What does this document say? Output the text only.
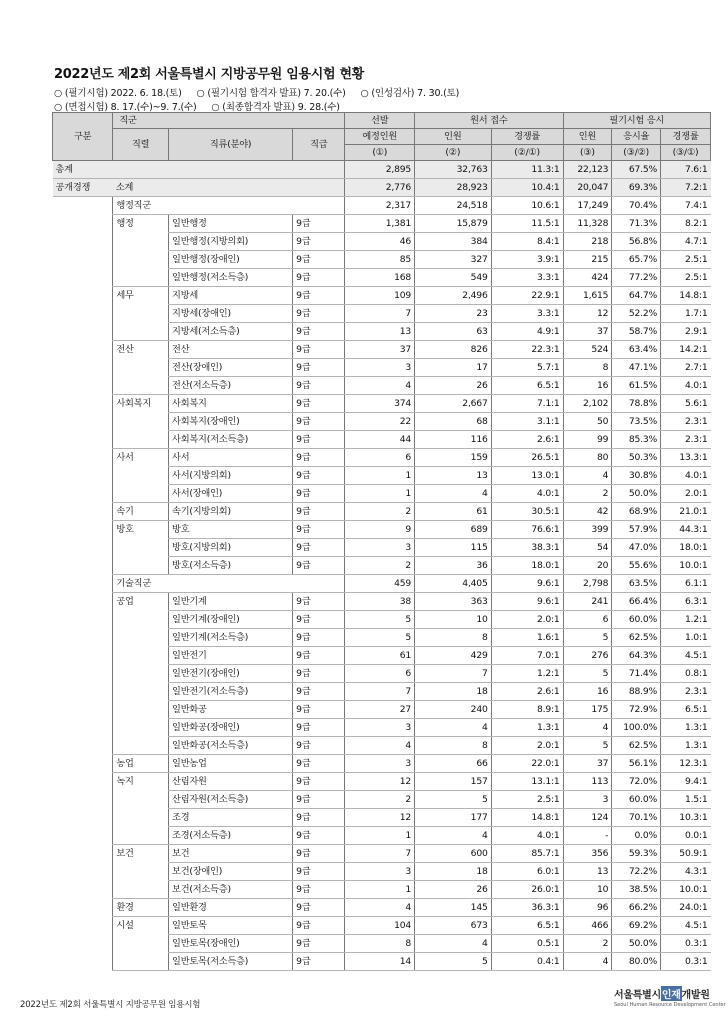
2022년도 제2회 서울특별시 지방공무원 임용시험 현황
○ (필기시험) 2022. 6. 18.(토) ○ (필기시험 합격자 발표) 7. 20.(수) ○ (인성검사) 7. 30.(토)
○ (면접시험) 8. 17.(수)~9. 7.(수) ○ (최종합격자 발표) 9. 28.(수)
구분	직군			선발	원서 접수		필기시험 응시		
	직렬	직류(분야)	직급	예정인원	인원	경쟁률	인원	응시율	경쟁률
				(①)	(②)	(②/①)	(③)	(③/②)	(③/①)
총계				2,895	32,763	11.3:1	22,123	67.5%	7.6:1
공개경쟁	소계			2,776	28,923	10.4:1	20,047	69.3%	7.2:1
	행정직군			2,317	24,518	10.6:1	17,249	70.4%	7.4:1
	행정	일반행정	9급	1,381	15,879	11.5:1	11,328	71.3%	8.2:1
		일반행정(지방의회)	9급	46	384	8.4:1	218	56.8%	4.7:1
		일반행정(장애인)	9급	85	327	3.9:1	215	65.7%	2.5:1
		일반행정(저소득층)	9급	168	549	3.3:1	424	77.2%	2.5:1
	세무	지방세	9급	109	2,496	22.9:1	1,615	64.7%	14.8:1
		지방세(장애인)	9급	7	23	3.3:1	12	52.2%	1.7:1
		지방세(저소득층)	9급	13	63	4.9:1	37	58.7%	2.9:1
	전산	전산	9급	37	826	22.3:1	524	63.4%	14.2:1
		전산(장애인)	9급	3	17	5.7:1	8	47.1%	2.7:1
		전산(저소득층)	9급	4	26	6.5:1	16	61.5%	4.0:1
	사회복지	사회복지	9급	374	2,667	7.1:1	2,102	78.8%	5.6:1
		사회복지(장애인)	9급	22	68	3.1:1	50	73.5%	2.3:1
		사회복지(저소득층)	9급	44	116	2.6:1	99	85.3%	2.3:1
	사서	사서	9급	6	159	26.5:1	80	50.3%	13.3:1
		사서(지방의회)	9급	1	13	13.0:1	4	30.8%	4.0:1
		사서(장애인)	9급	1	4	4.0:1	2	50.0%	2.0:1
	속기	속기(지방의회)	9급	2	61	30.5:1	42	68.9%	21.0:1
	방호	방호	9급	9	689	76.6:1	399	57.9%	44.3:1
		방호(지방의회)	9급	3	115	38.3:1	54	47.0%	18.0:1
		방호(저소득층)	9급	2	36	18.0:1	20	55.6%	10.0:1
	기술직군			459	4,405	9.6:1	2,798	63.5%	6.1:1
	공업	일반기계	9급	38	363	9.6:1	241	66.4%	6.3:1
		일반기계(장애인)	9급	5	10	2.0:1	6	60.0%	1.2:1
		일반기계(저소득층)	9급	5	8	1.6:1	5	62.5%	1.0:1
		일반전기	9급	61	429	7.0:1	276	64.3%	4.5:1
		일반전기(장애인)	9급	6	7	1.2:1	5	71.4%	0.8:1
		일반전기(저소득층)	9급	7	18	2.6:1	16	88.9%	2.3:1
		일반화공	9급	27	240	8.9:1	175	72.9%	6.5:1
		일반화공(장애인)	9급	3	4	1.3:1	4	100.0%	1.3:1
		일반화공(저소득층)	9급	4	8	2.0:1	5	62.5%	1.3:1
	농업	일반농업	9급	3	66	22.0:1	37	56.1%	12.3:1
	녹지	산림자원	9급	12	157	13.1:1	113	72.0%	9.4:1
		산림자원(저소득층)	9급	2	5	2.5:1	3	60.0%	1.5:1
		조경	9급	12	177	14.8:1	124	70.1%	10.3:1
		조경(저소득층)	9급	1	4	4.0:1	-	0.0%	0.0:1
	보건	보건	9급	7	600	85.7:1	356	59.3%	50.9:1
		보건(장애인)	9급	3	18	6.0:1	13	72.2%	4.3:1
		보건(저소득층)	9급	1	26	26.0:1	10	38.5%	10.0:1
	환경	일반환경	9급	4	145	36.3:1	96	66.2%	24.0:1
	시설	일반토목	9급	104	673	6.5:1	466	69.2%	4.5:1
		일반토목(장애인)	9급	8	4	0.5:1	2	50.0%	0.3:1
		일반토목(저소득층)	9급	14	5	0.4:1	4	80.0%	0.3:1
2022년도 제2회 서울특별시 지방공무원 임용시험
서울특별시인재개발원
Seoul Human Resource Development Center
